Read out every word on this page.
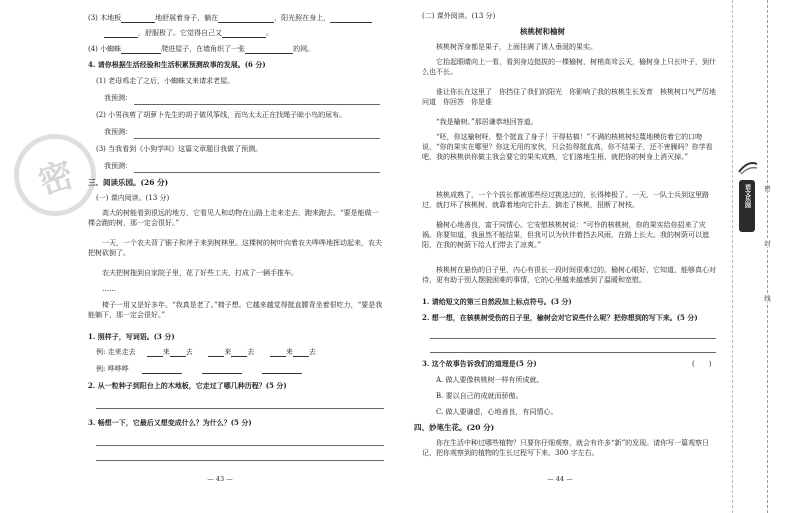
(3) 木地板	地舒展着身子，躺在	，阳光照在身上，
，舒服极了。它觉得自己又	。
(4) 小蜘蛛	爬进屋子，在墙角织了一张	的网。
4. 请你根据生活经验和生活积累预测故事的发展。(6 分)
(1) 老母鸡走了之后，小蜘蛛又来请求老屋。
我预测：
(2) 小男孩剪了胡萝卜先生的胡子做风筝线，而鸟太太正在找绳子晾小鸟的尿布。
我预测：
(3) 当我看到《小狗学叫》这篇文章题目我做了预测。
我预测：
三、阅读乐园。(26 分)
(一) 课内阅读。(13 分)
高大的树能看到很远的地方，它看见人和动物在山路上走来走去，跑来跑去。“要是能做一棵会跑的树，那一定会很好。”
一天，一个农夫背了锯子和斧子来到树林里。这棵树的树叶向着农夫哗哗地挥动起来，农夫把树砍倒了。
农夫把树拖到自家院子里，花了好些工夫，打成了一辆手推车。
……
椅子一用又是好多年。“我真是老了。”椅子想。它越来越觉得挺直腰背坐着很吃力，“要是我能躺下，那一定会很好。”
1. 照样子，写词语。(3 分)
例: 走来走去	来 去	来 去	来 去
例: 哗哗哗
2. 从一粒种子到阳台上的木地板，它走过了哪几种历程？(5 分)
3. 畅想一下，它最后又想变成什么？为什么？(5 分)
— 43 —
密
(二) 课外阅读。(13 分)
核桃树和榆树
核桃树浑身都是果子，上面挂满了诱人垂涎的果实。
它抬起眼睛向上一看，看到身边挺拔的一棵榆树，树梢高耸云天，榆树身上只长叶子，到什么也不长。
谁让你长在这里了　你挡住了我们的阳光　你影响了我的核桃生长发育　核桃树口气严厉地问道　你回答　你是谁
“我是榆树。”那居谦恭地回答道。
“呸，你这榆树呀，整个挺直了身子！干得枯槁！”不满的核桃树轻蔑地模仿着它的口吻说，“你的果实在哪里？你这无用的家伙，只会抬得挺直高，你不结果子，还不害臊吗？你学看吧，我的核桃供你做主我会要它的果实成熟，它们落地生根，就把你的树身上消灭掉。”
核桃成熟了，一个个拔长都被那些经过挑选过的，长得棒极了。一天，一队士兵到这里路过，就打坏了核桃树，就靠着地向它扑去，摘走了核桃，扭断了树枝。
榆树心地善良，富于同情心。它安慰核桃树说：“可怜的核桃树，你的果实给你招来了灾祸。你要知道，我虽然不能结果，但我可以为伙伴着挡去风雨，在路上长大。我的树荫可以遮阳，在我的树荫下给人们带去了凉爽。”
核桃树在悬伤的日子里，内心有很长一段时间很难过的。榆树心眼好，它知道，能够真心对待，更有助于别人摆脱困难的事情，它的心里越来越感到了温暖和宽慰。
1. 请给短文的第三自然段加上标点符号。(3 分)
2. 想一想，在核桃树受伤的日子里，榆树会对它说些什么呢？把你想到的写下来。(5 分)
3. 这个故事告诉我们的道理是(5 分)	(　　)
A. 做人要像核桃树一样有所成就。
B. 要以自己的成就而骄傲。
C. 做人要谦虚，心地善良，有同情心。
四、妙笔生花。(20 分)
你在生活中种过哪些植物？只要你仔细观察，就会有许多“新”的发现。请你写一篇观察日记，把你观察到的植物的生长过程写下来。300 字左右。
— 44 —
密
封
线
语文乐园
